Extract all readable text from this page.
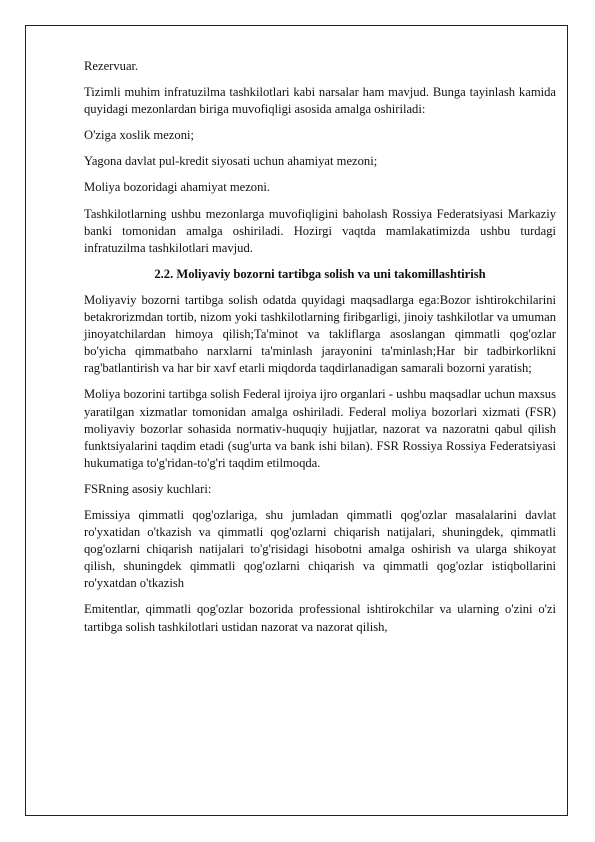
Rezervuar.

Tizimli muhim infratuzilma tashkilotlari kabi narsalar ham mavjud. Bunga tayinlash kamida quyidagi mezonlardan biriga muvofiqligi asosida amalga oshiriladi:

O'ziga xoslik mezoni;

Yagona davlat pul-kredit siyosati uchun ahamiyat mezoni;

Moliya bozoridagi ahamiyat mezoni.

Tashkilotlarning ushbu mezonlarga muvofiqligini baholash Rossiya Federatsiyasi Markaziy banki tomonidan amalga oshiriladi. Hozirgi vaqtda mamlakatimizda ushbu turdagi infratuzilma tashkilotlari mavjud.

2.2. Moliyaviy bozorni tartibga solish va uni takomillashtirish

Moliyaviy bozorni tartibga solish odatda quyidagi maqsadlarga ega:Bozor ishtirokchilarini betakrorizmdan tortib, nizom yoki tashkilotlarning firibgarligi, jinoiy tashkilotlar va umuman jinoyatchilardan himoya qilish;Ta'minot va takliflarga asoslangan qimmatli qog'ozlar bo'yicha qimmatbaho narxlarni ta'minlash jarayonini ta'minlash;Har bir tadbirkorlikni rag'batlantirish va har bir xavf etarli miqdorda taqdirlanadigan samarali bozorni yaratish;

Moliya bozorini tartibga solish Federal ijroiya ijro organlari - ushbu maqsadlar uchun maxsus yaratilgan xizmatlar tomonidan amalga oshiriladi. Federal moliya bozorlari xizmati (FSR) moliyaviy bozorlar sohasida normativ-huquqiy hujjatlar, nazorat va nazoratni qabul qilish funktsiyalarini taqdim etadi (sug'urta va bank ishi bilan). FSR Rossiya Rossiya Federatsiyasi hukumatiga to'g'ridan-to'g'ri taqdim etilmoqda.

FSRning asosiy kuchlari:

Emissiya qimmatli qog'ozlariga, shu jumladan qimmatli qog'ozlar masalalarini davlat ro'yxatidan o'tkazish va qimmatli qog'ozlarni chiqarish natijalari, shuningdek, qimmatli qog'ozlarni chiqarish natijalari to'g'risidagi hisobotni amalga oshirish va ularga shikoyat qilish, shuningdek qimmatli qog'ozlarni chiqarish va qimmatli qog'ozlar istiqbollarini ro'yxatdan o'tkazish

Emitentlar, qimmatli qog'ozlar bozorida professional ishtirokchilar va ularning o'zini o'zi tartibga solish tashkilotlari ustidan nazorat va nazorat qilish,
